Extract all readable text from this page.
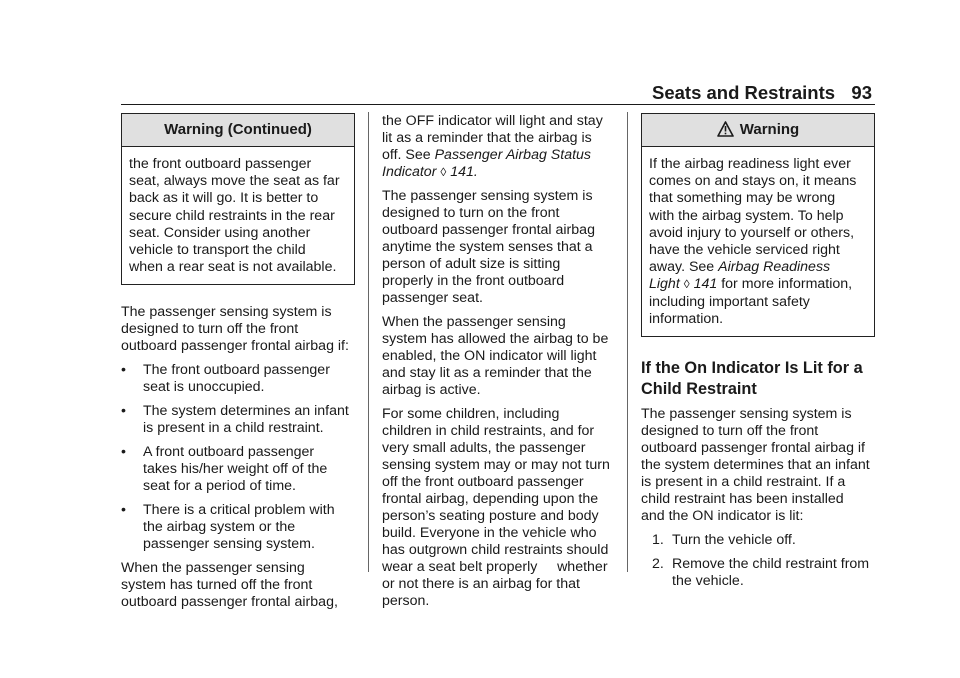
Seats and Restraints 93
Warning (Continued)

the front outboard passenger

seat, always move the seat as far

back as it will go. It is better to

secure child restraints in the rear

seat. Consider using another

vehicle to transport the child

when a rear seat is not available.

The passenger sensing system is
designed to turn off the front
outboard passenger frontal airbag if:

• The front outboard passenger
seat is unoccupied.
• The system determines an infant
is present in a child restraint.
• A front outboard passenger
takes his/her weight off of the
seat for a period of time.
• There is a critical problem with
the airbag system or the
passenger sensing system.

When the passenger sensing
system has turned off the front
outboard passenger frontal airbag,

the OFF indicator will light and stay
lit as a reminder that the airbag is
off. See Passenger Airbag Status
Indicator ◊ 141.

The passenger sensing system is
designed to turn on the front
outboard passenger frontal airbag
anytime the system senses that a
person of adult size is sitting
properly in the front outboard
passenger seat.

When the passenger sensing
system has allowed the airbag to be
enabled, the ON indicator will light
and stay lit as a reminder that the
airbag is active.

For some children, including
children in child restraints, and for
very small adults, the passenger
sensing system may or may not turn
off the front outboard passenger
frontal airbag, depending upon the
person’s seating posture and body
build. Everyone in the vehicle who
has outgrown child restraints should
wear a seat belt properly     whether
or not there is an airbag for that
person.

Warning

If the airbag readiness light ever

comes on and stays on, it means

that something may be wrong

with the airbag system. To help

avoid injury to yourself or others,

have the vehicle serviced right

away. See Airbag Readiness

Light ◊ 141 for more information,

including important safety

information.

If the On Indicator Is Lit for a
Child Restraint

The passenger sensing system is
designed to turn off the front
outboard passenger frontal airbag if
the system determines that an infant
is present in a child restraint. If a
child restraint has been installed
and the ON indicator is lit:

1. Turn the vehicle off.
2. Remove the child restraint from
the vehicle.
